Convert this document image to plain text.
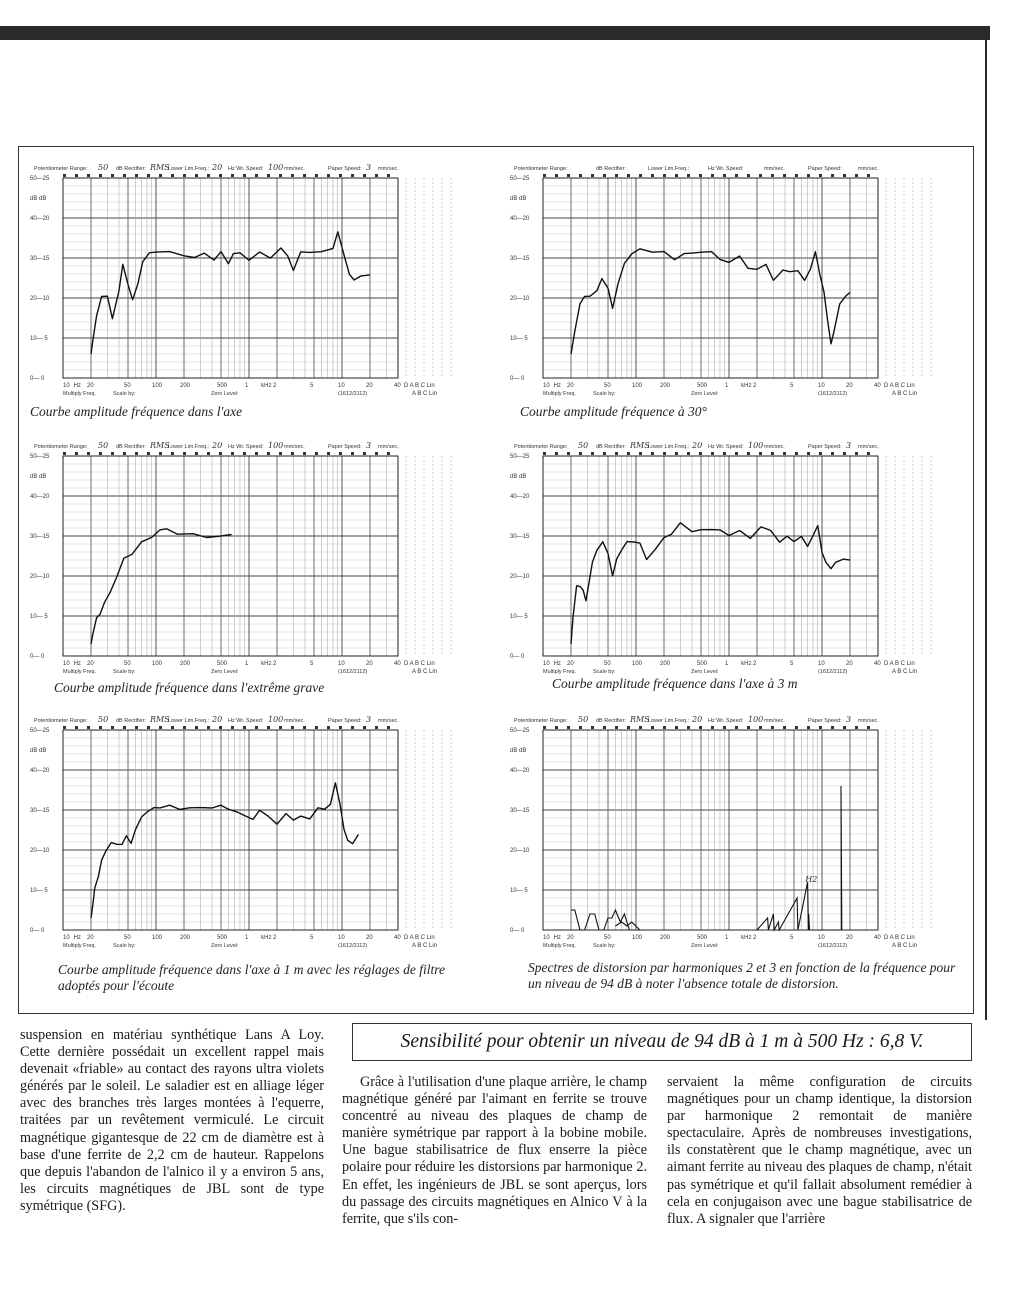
Potentiometer Range: 50 dB Rectifier: RMS
Lower Lim.Freq.: 20 Hz Wr. Speed: 100 mm/sec.	Paper Speed: 3 mm/sec.
50—25
40—20
30—15
20—10
10— 5
0— 0
dB dB
10	20	50	100	200	500	1	2	5	10	20	40
Hz	kHz	D A B C Lin
A B C Lin
Multiply Freq.	Scale by:	Zero Level:	(1612/2112)
Potentiometer Range:	dB Rectifier:	Lower Lim.Freq.:	Hz Wr. Speed:	mm/sec.	Paper Speed:	mm/sec.
50—25
40—20
30—15
20—10
10— 5
0— 0
dB dB
10	20	50	100	200	500	1	2	5	10	20	40
Hz	kHz	D A B C Lin
A B C Lin
Multiply Freq.	Scale by:	Zero Level:	(1612/2112)
Potentiometer Range: 50 dB Rectifier: RMS
Lower Lim.Freq.: 20 Hz Wr. Speed: 100 mm/sec.	Paper Speed: 3 mm/sec.
50—25
40—20
30—15
20—10
10— 5
0— 0
dB dB
10	20	50	100	200	500	1	2	5	10	20	40
Hz	kHz	D A B C Lin
A B C Lin
Multiply Freq.	Scale by:	Zero Level:	(1612/2112)
Potentiometer Range: 50 dB Rectifier: RMS
Lower Lim.Freq.: 20 Hz Wr. Speed: 100 mm/sec.	Paper Speed: 3 mm/sec.
50—25
40—20
30—15
20—10
10— 5
0— 0
dB dB
10	20	50	100	200	500	1	2	5	10	20	40
Hz	kHz	D A B C Lin
A B C Lin
Multiply Freq.	Scale by:	Zero Level:	(1612/2112)
Potentiometer Range: 50 dB Rectifier: RMS
Lower Lim.Freq.: 20 Hz Wr. Speed: 100 mm/sec.	Paper Speed: 3 mm/sec.
50—25
40—20
30—15
20—10
10— 5
0— 0
dB dB
10	20	50	100	200	500	1	2	5	10	20	40
Hz	kHz	D A B C Lin
A B C Lin
Multiply Freq.	Scale by:	Zero Level:	(1612/2112)
Potentiometer Range: 50 dB Rectifier: RMS
Lower Lim.Freq.: 20 Hz Wr. Speed: 100 mm/sec.	Paper Speed: 3 mm/sec.
50—25
40—20
30—15
20—10
10— 5
0— 0
dB dB
10	20	50	100	200	500	1	2	5	10	20	40
Hz	kHz	D A B C Lin
A B C Lin
Multiply Freq.	Scale by:	Zero Level:	(1612/2112)
H2
Courbe amplitude fréquence dans l'axe	Courbe amplitude fréquence à 30°
Courbe amplitude fréquence dans l'extrême grave	Courbe amplitude fréquence dans l'axe à 3 m
Courbe amplitude fréquence dans l'axe à 1 m avec les réglages de filtre adoptés pour l'écoute
Spectres de distorsion par harmoniques 2 et 3 en fonction de la fréquence pour un niveau de 94 dB à noter l'absence totale de distorsion.
Sensibilité pour obtenir un niveau de 94 dB à 1 m à 500 Hz : 6,8 V.

suspension en matériau synthétique Lans A Loy. Cette dernière possédait un excellent rappel mais devenait «friable» au contact des rayons ultra violets générés par le soleil. Le saladier est en alliage léger avec des branches très larges montées à l'equerre, traitées par un revêtement vermiculé. Le circuit magnétique gigantesque de 22 cm de diamètre est à base d'une ferrite de 2,2 cm de hauteur. Rappelons que depuis l'abandon de l'alnico il y a environ 5 ans, les circuits magnétiques de JBL sont de type symétrique (SFG).

Grâce à l'utilisation d'une plaque arrière, le champ magnétique généré par l'aimant en ferrite se trouve concentré au niveau des plaques de champ de manière symétrique par rapport à la bobine mobile. Une bague stabilisatrice de flux enserre la pièce polaire pour réduire les distorsions par harmonique 2. En effet, les ingénieurs de JBL se sont aperçus, lors du passage des circuits magnétiques en Alnico V à la ferrite, que s'ils con-

servaient la même configuration de circuits magnétiques pour un champ identique, la distorsion par harmonique 2 remontait de manière spectaculaire. Après de nombreuses investigations, ils constatèrent que le champ magnétique, avec un aimant ferrite au niveau des plaques de champ, n'était pas symétrique et qu'il fallait absolument remédier à cela en conjugaison avec une bague stabilisatrice de flux. A signaler que l'arrière
